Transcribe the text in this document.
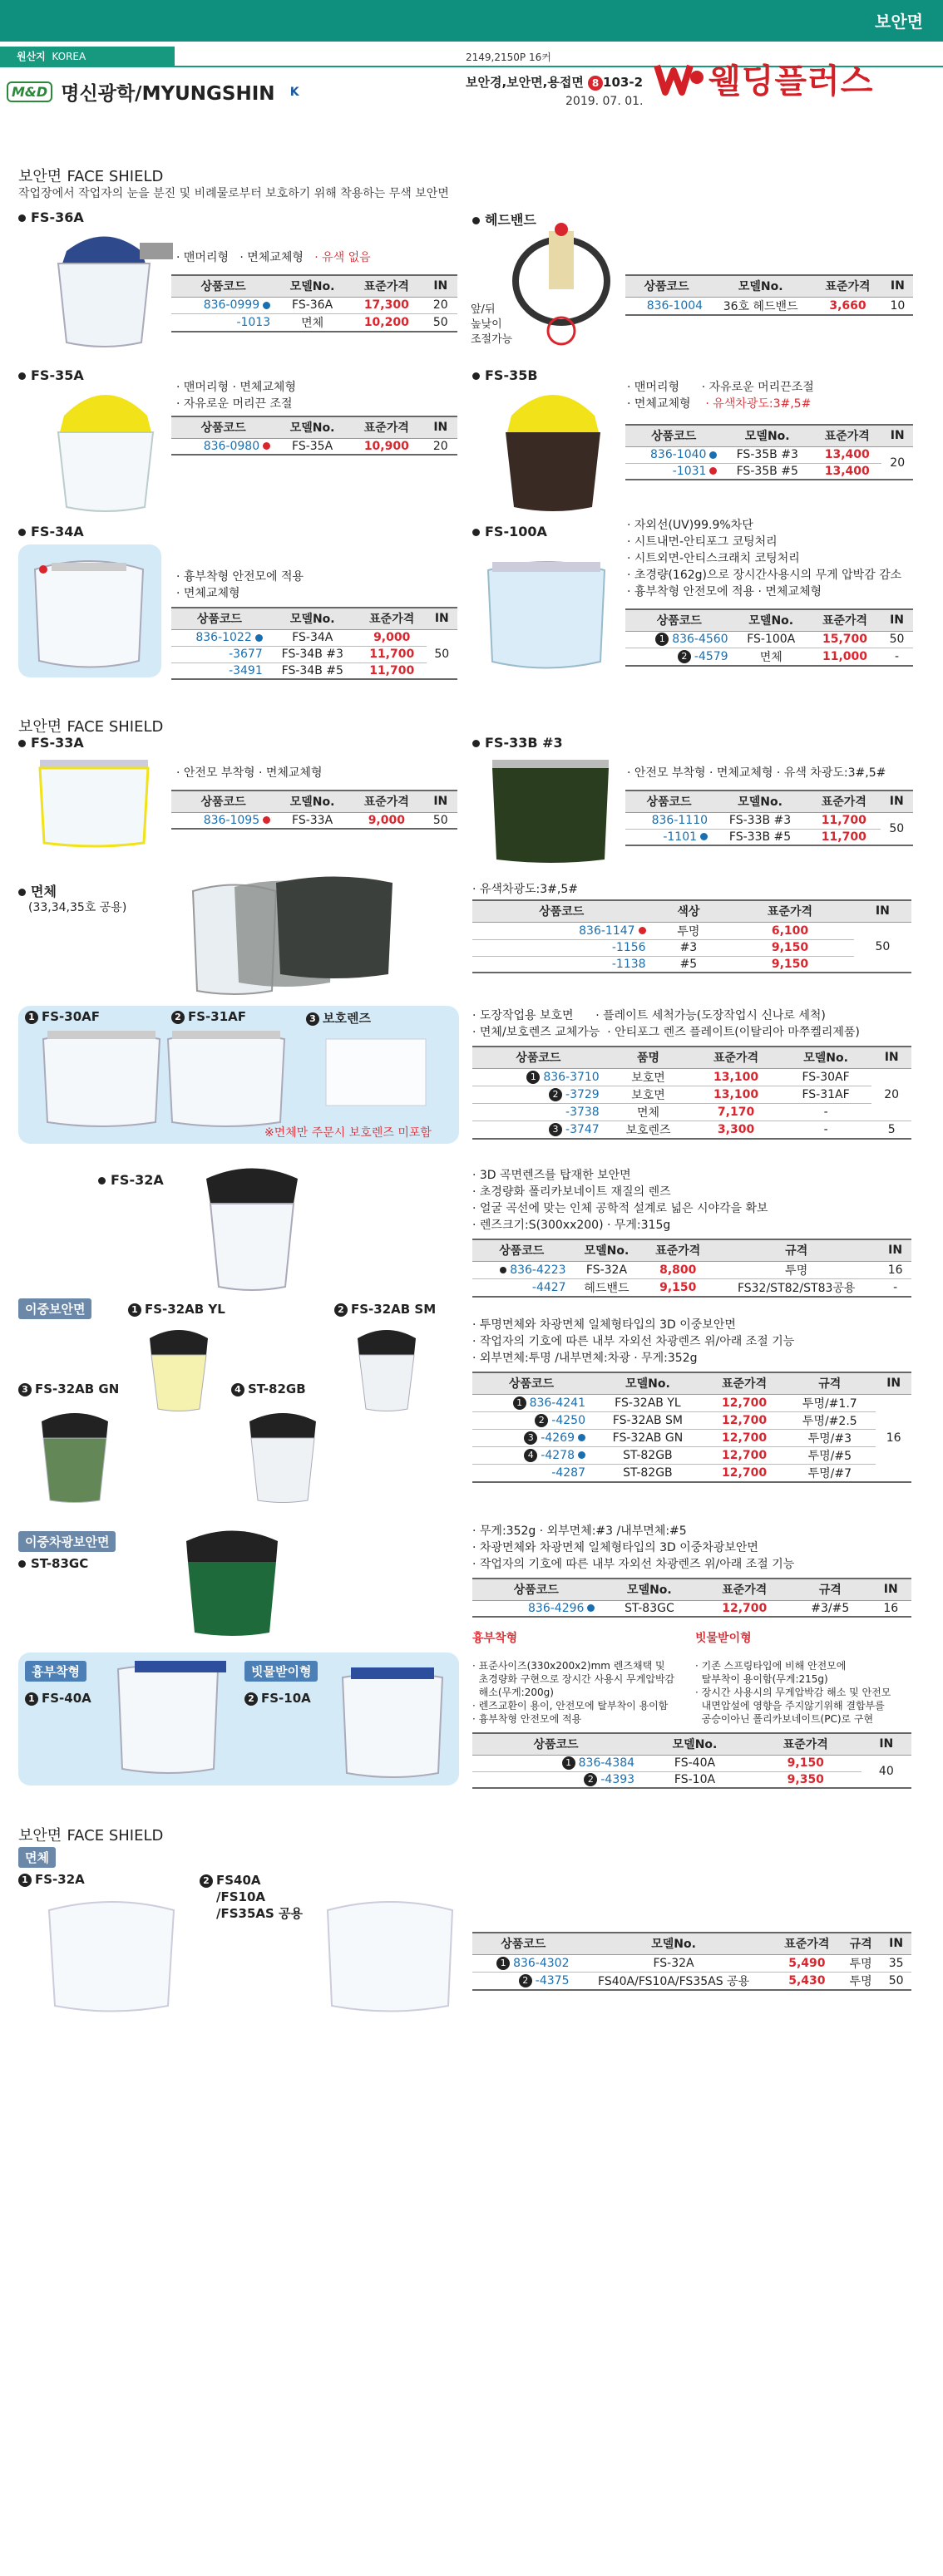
보안면
원산지 KOREA	2149,2150P 16커
M&D 명신광학/MYUNGSHIN K
보안경,보안면,용접면 8 103-2
2019. 07. 01.
웰딩플러스
보안면 FACE SHIELD
작업장에서 작업자의 눈을 분진 및 비례물로부터 보호하기 위해 착용하는 무색 보안면
FS-36A
· 맨머리형 · 면체교체형 · 유색 없음
상품코드	모델No.	표준가격	IN
836-0999	FS-36A	17,300	20
-1013	면체	10,200	50
헤드밴드
앞/뒤
높낮이
조절가능
상품코드	모델No.	표준가격	IN
836-1004	36호 헤드밴드	3,660	10
FS-35A
· 맨머리형 · 면체교체형
· 자유로운 머리끈 조절
상품코드	모델No.	표준가격	IN
836-0980	FS-35A	10,900	20
FS-35B
· 맨머리형 · 자유로운 머리끈조절
· 면체교체형 · 유색차광도:3#,5#
상품코드	모델No.	표준가격	IN
836-1040	FS-35B #3	13,400	20
-1031	FS-35B #5	13,400	
FS-34A
· 흉부착형 안전모에 적용
· 면체교체형
상품코드	모델No.	표준가격	IN
836-1022	FS-34A	9,000	50
-3677	FS-34B #3	11,700	
-3491	FS-34B #5	11,700	
FS-100A	· 자외선(UV)99.9%차단
· 시트내면-안티포그 코팅처리
· 시트외면-안티스크래치 코팅처리
· 초경량(162g)으로 장시간사용시의 무게 압박감 감소
· 흉부착형 안전모에 적용 · 면체교체형
상품코드	모델No.	표준가격	IN
1 836-4560	FS-100A	15,700	50
2 -4579	면체	11,000	-
보안면 FACE SHIELD
FS-33A
· 안전모 부착형 · 면체교체형
상품코드	모델No.	표준가격	IN
836-1095	FS-33A	9,000	50
FS-33B #3
· 안전모 부착형 · 면체교체형 · 유색 차광도:3#,5#
상품코드	모델No.	표준가격	IN
836-1110	FS-33B #3	11,700	50
-1101	FS-33B #5	11,700	
면체
(33,34,35호 공용)
· 유색차광도:3#,5#
상품코드	색상	표준가격	IN
836-1147	투명	6,100	50
-1156	#3	9,150	
-1138	#5	9,150	
1 FS-30AF	2 FS-31AF	3 보호렌즈
※면체만 주문시 보호렌즈 미포함
· 도장작업용 보호면 · 플레이트 세척가능(도장작업시 신나로 세척)
· 면체/보호렌즈 교체가능 · 안티포그 렌즈 플레이트(이탈리아 마쭈켈리제품)
상품코드	품명	표준가격	모델No.	IN
1 836-3710	보호면	13,100	FS-30AF	20
2 -3729	보호면	13,100	FS-31AF	
-3738	면체	7,170	-	
3 -3747	보호렌즈	3,300	-	5
FS-32A	· 3D 곡면렌즈를 탑재한 보안면
· 초경량화 폴리카보네이트 재질의 렌즈
· 얼굴 곡선에 맞는 인체 공학적 설계로 넓은 시야각을 확보
· 렌즈크기:S(300xx200) · 무게:315g
상품코드	모델No.	표준가격	규격	IN
836-4223	FS-32A	8,800	투명	16
-4427	헤드밴드	9,150	FS32/ST82/ST83공용	-
이중보안면	1 FS-32AB YL	2 FS-32AB SM
3 FS-32AB GN	4 ST-82GB
· 투명면체와 차광면체 일체형타입의 3D 이중보안면
· 작업자의 기호에 따른 내부 자외선 차광렌즈 위/아래 조절 기능
· 외부면체:투명 /내부면체:차광 · 무게:352g
상품코드	모델No.	표준가격	규격	IN
1 836-4241	FS-32AB YL	12,700	투명/#1.7	16
2 -4250	FS-32AB SM	12,700	투명/#2.5	
3 -4269	FS-32AB GN	12,700	투명/#3	
4 -4278	ST-82GB	12,700	투명/#5	
-4287	ST-82GB	12,700	투명/#7	
이중차광보안면
ST-83GC
· 무게:352g · 외부면체:#3 /내부면체:#5
· 차광면체와 차광면체 일체형타입의 3D 이중차광보안면
· 작업자의 기호에 따른 내부 자외선 차광렌즈 위/아래 조절 기능
상품코드	모델No.	표준가격	규격	IN
836-4296	ST-83GC	12,700	#3/#5	16
흉부착형	빗물받이형
1 FS-40A	2 FS-10A
흉부착형	빗물받이형

· 표준사이즈(330x200x2)mm 렌즈채택 및
초경량화 구현으로 장시간 사용시 무게압박감
해소(무게:200g)
· 렌즈교환이 용이, 안전모에 탈부착이 용이함
· 흉부착형 안전모에 적용

· 기존 스프링타입에 비해 안전모에
탈부착이 용이함(무게:215g)
· 장시간 사용시의 무게압박감 해소 및 안전모
내면압설에 영향을 주지않기위해 결합부를
공승이아닌 폴리카보네이트(PC)로 구현

상품코드	모델No.	표준가격	IN
1 836-4384	FS-40A	9,150	40
2 -4393	FS-10A	9,350	
보안면 FACE SHIELD
면체
1 FS-32A	2 FS40A
/FS10A
/FS35AS 공용
상품코드	모델No.	표준가격	규격	IN
1 836-4302	FS-32A	5,490	투명	35
2 -4375	FS40A/FS10A/FS35AS 공용	5,430	투명	50
